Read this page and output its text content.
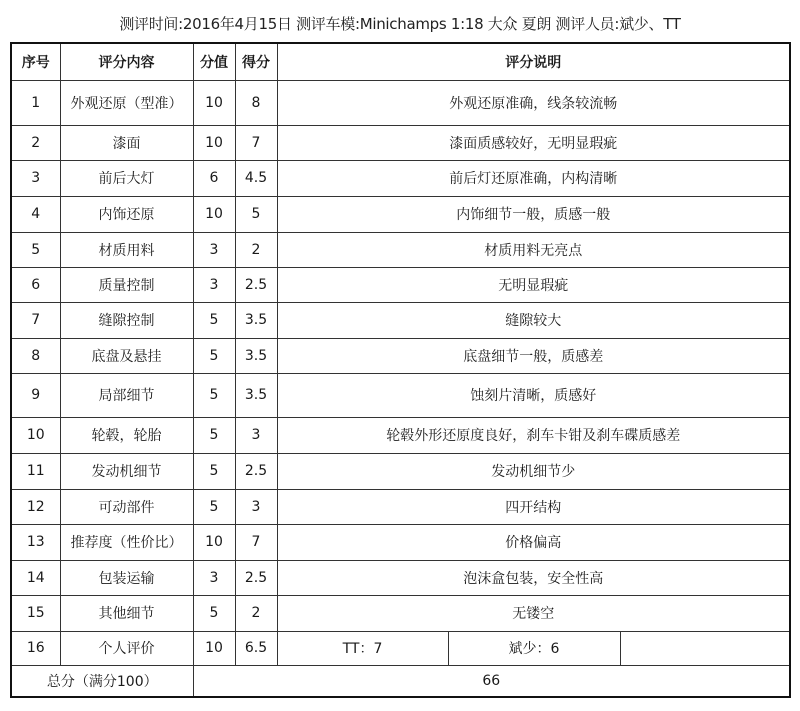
测评时间:2016年4月15日 测评车模:Minichamps 1:18 大众 夏朗 测评人员:斌少、TT
序号	评分内容	分值	得分	评分说明
1	外观还原（型准）	10	8	外观还原准确，线条较流畅
2	漆面	10	7	漆面质感较好，无明显瑕疵
3	前后大灯	6	4.5	前后灯还原准确，内构清晰
4	内饰还原	10	5	内饰细节一般，质感一般
5	材质用料	3	2	材质用料无亮点
6	质量控制	3	2.5	无明显瑕疵
7	缝隙控制	5	3.5	缝隙较大
8	底盘及悬挂	5	3.5	底盘细节一般，质感差
9	局部细节	5	3.5	蚀刻片清晰，质感好
10	轮毂，轮胎	5	3	轮毂外形还原度良好，刹车卡钳及刹车碟质感差
11	发动机细节	5	2.5	发动机细节少
12	可动部件	5	3	四开结构
13	推荐度（性价比）	10	7	价格偏高
14	包装运输	3	2.5	泡沫盒包装，安全性高
15	其他细节	5	2	无镂空
16	个人评价	10	6.5	TT：7 斌少：6

总分（满分100）		66		
